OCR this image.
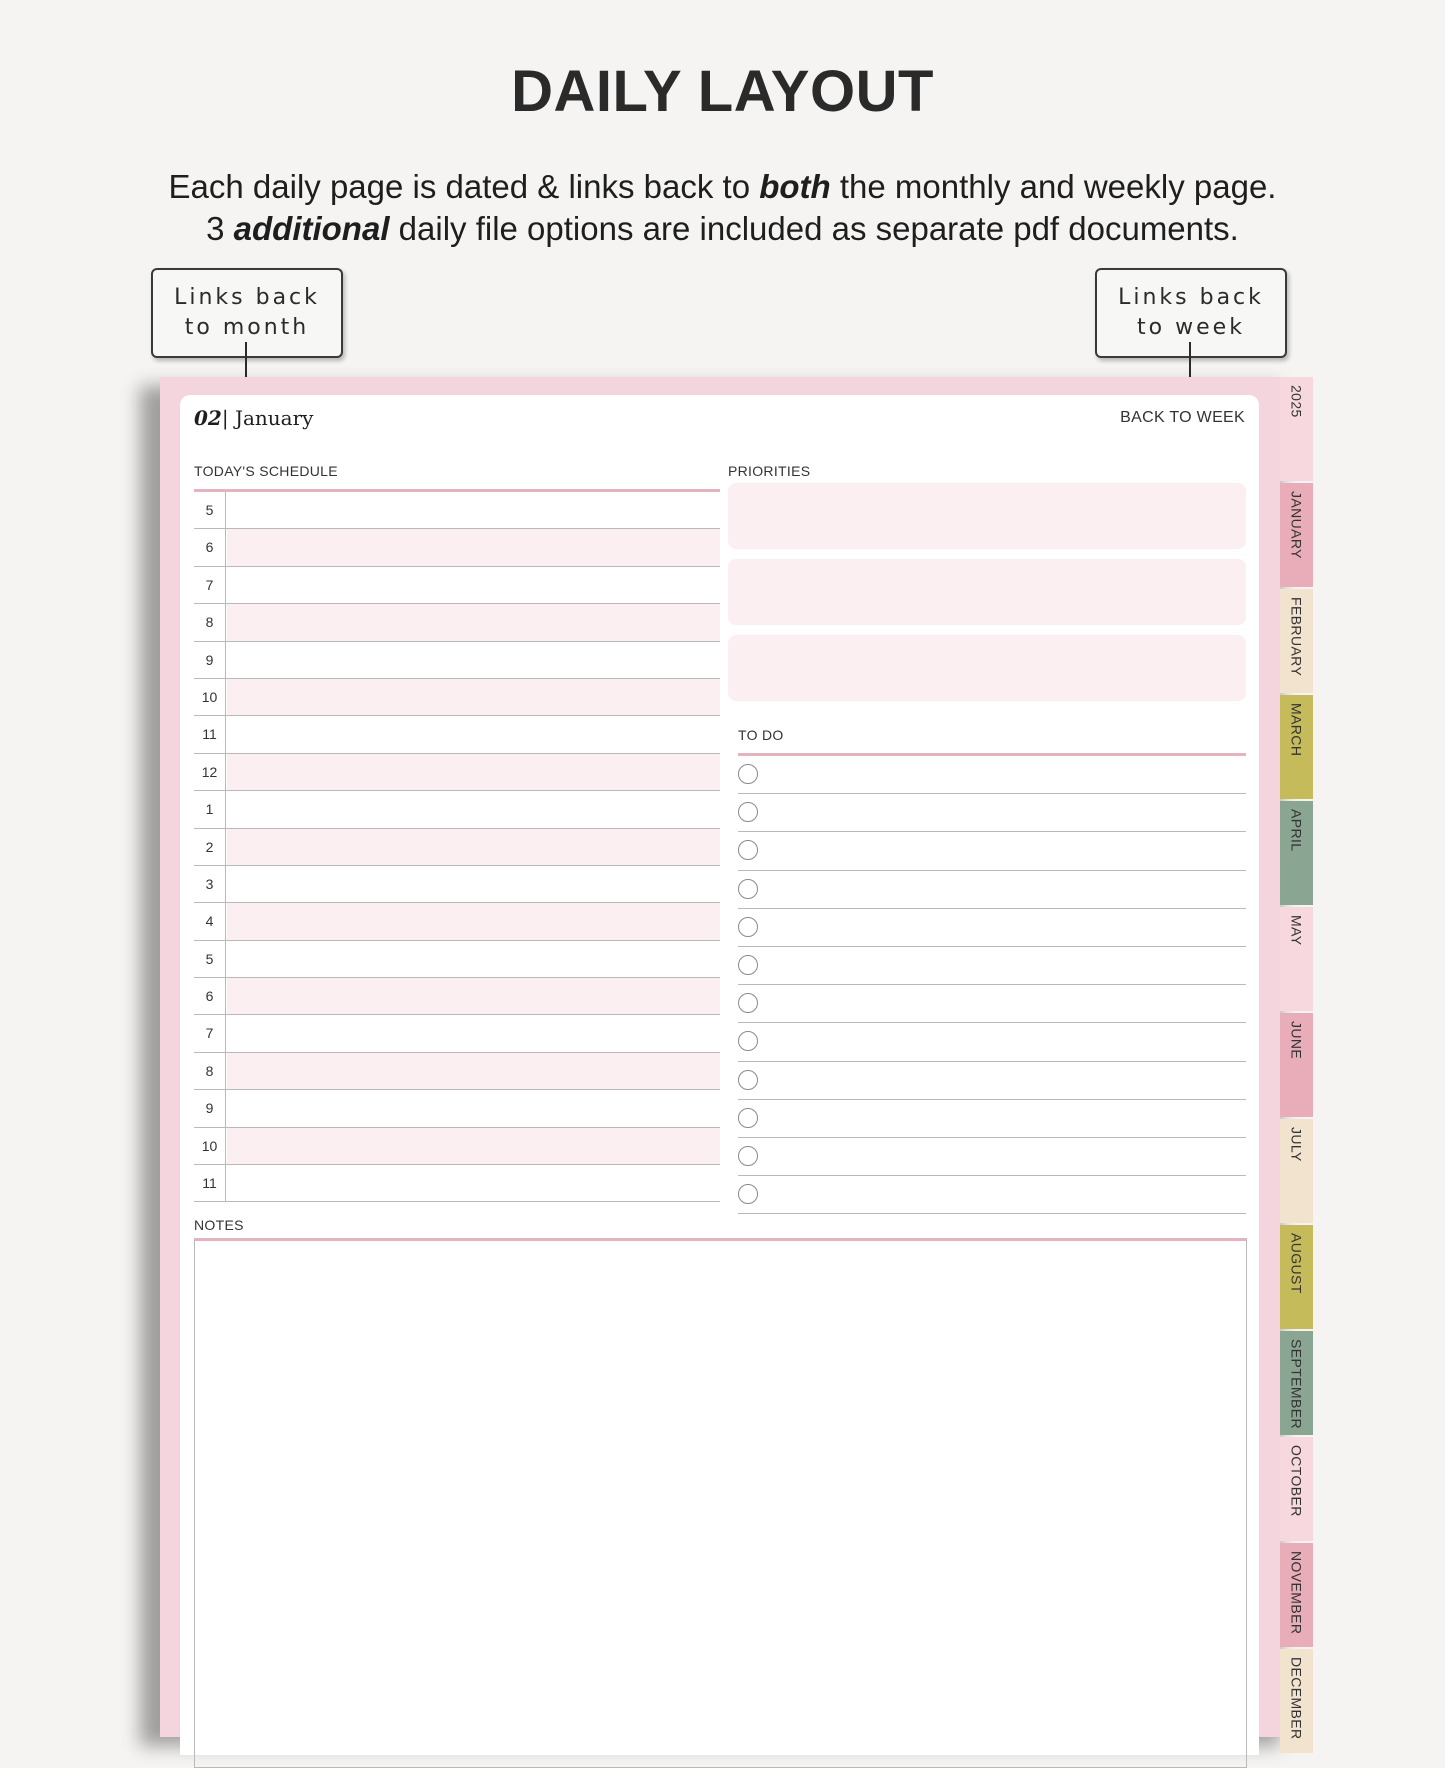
DAILY LAYOUT
Each daily page is dated & links back to both the monthly and weekly page.
3 additional daily file options are included as separate pdf documents.
Links back
to month
Links back
to week
02| January	BACK TO WEEK
TODAY'S SCHEDULE
5
6
7
8
9
10
11
12
1
2
3
4
5
6
7
8
9
10
11
PRIORITIES
TO DO
NOTES
2025
JANUARY
FEBRUARY
MARCH
APRIL
MAY
JUNE
JULY
AUGUST
SEPTEMBER
OCTOBER
NOVEMBER
DECEMBER
